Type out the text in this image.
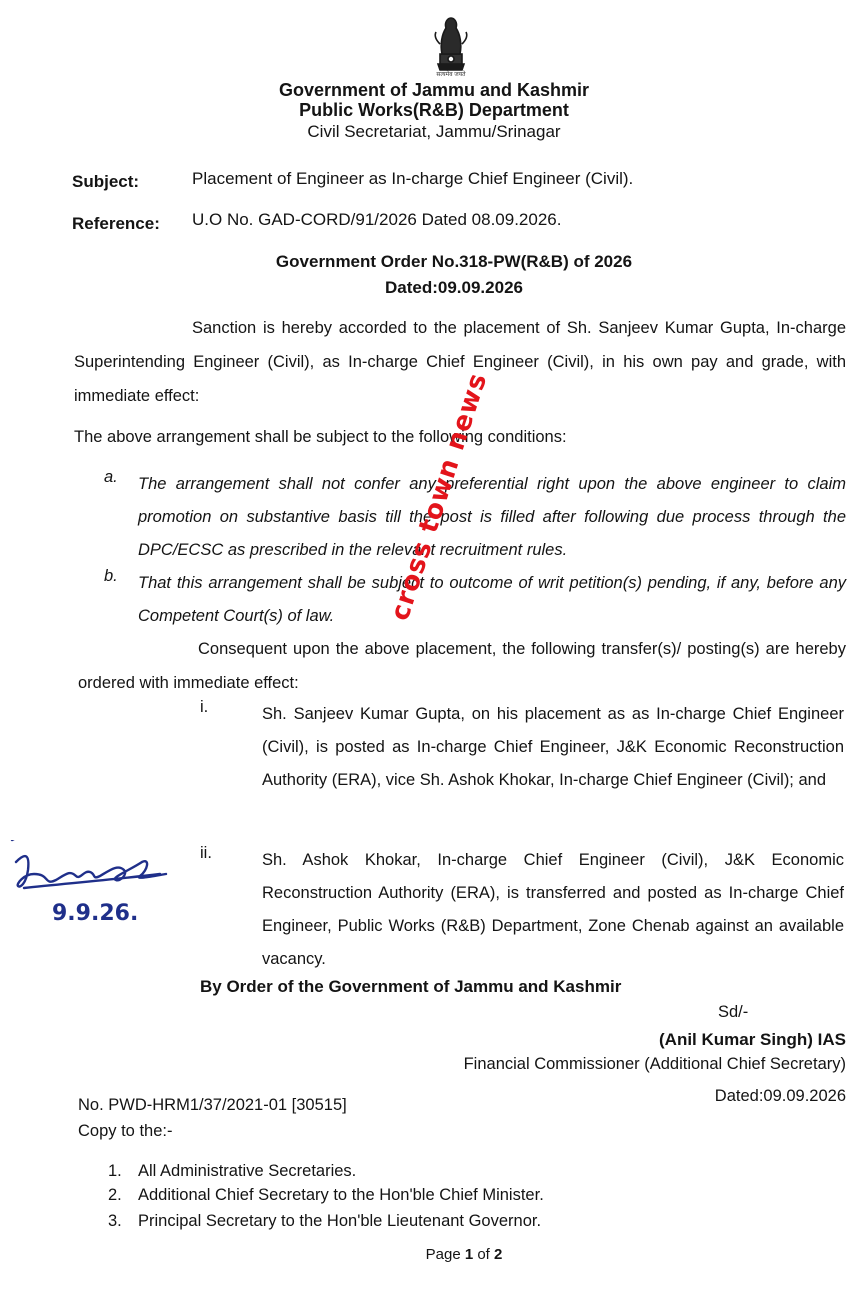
सत्यमेव जयते
Government of Jammu and Kashmir
Public Works(R&B) Department
Civil Secretariat, Jammu/Srinagar
Subject:	Placement of Engineer as In-charge Chief Engineer (Civil).
Reference: U.O No. GAD-CORD/91/2026 Dated 08.09.2026.
Government Order No.318-PW(R&B) of 2026
Dated:09.09.2026
Sanction is hereby accorded to the placement of Sh. Sanjeev Kumar Gupta, In-charge Superintending Engineer (Civil), as In-charge Chief Engineer (Civil), in his own pay and grade, with immediate effect:
The above arrangement shall be subject to the following conditions:
a. The arrangement shall not confer any preferential right upon the above engineer to claim promotion on substantive basis till the post is filled after following due process through the DPC/ECSC as prescribed in the relevant recruitment rules.
b. That this arrangement shall be subject to outcome of writ petition(s) pending, if any, before any Competent Court(s) of law.
Consequent upon the above placement, the following transfer(s)/ posting(s) are hereby ordered with immediate effect:
i.	Sh. Sanjeev Kumar Gupta, on his placement as as In-charge Chief Engineer (Civil), is posted as In-charge Chief Engineer, J&K Economic Reconstruction Authority (ERA), vice Sh. Ashok Khokar, In-charge Chief Engineer (Civil); and
ii.	Sh. Ashok Khokar, In-charge Chief Engineer (Civil), J&K Economic Reconstruction Authority (ERA), is transferred and posted as In-charge Chief Engineer, Public Works (R&B) Department, Zone Chenab against an available vacancy.
9.9.26.
cross town news
By Order of the Government of Jammu and Kashmir
Sd/-
(Anil Kumar Singh) IAS
Financial Commissioner (Additional Chief Secretary)
Dated:09.09.2026
No. PWD-HRM1/37/2021-01 [30515]
Copy to the:-
1. All Administrative Secretaries.
2. Additional Chief Secretary to the Hon'ble Chief Minister.
3. Principal Secretary to the Hon'ble Lieutenant Governor.
Page 1 of 2
